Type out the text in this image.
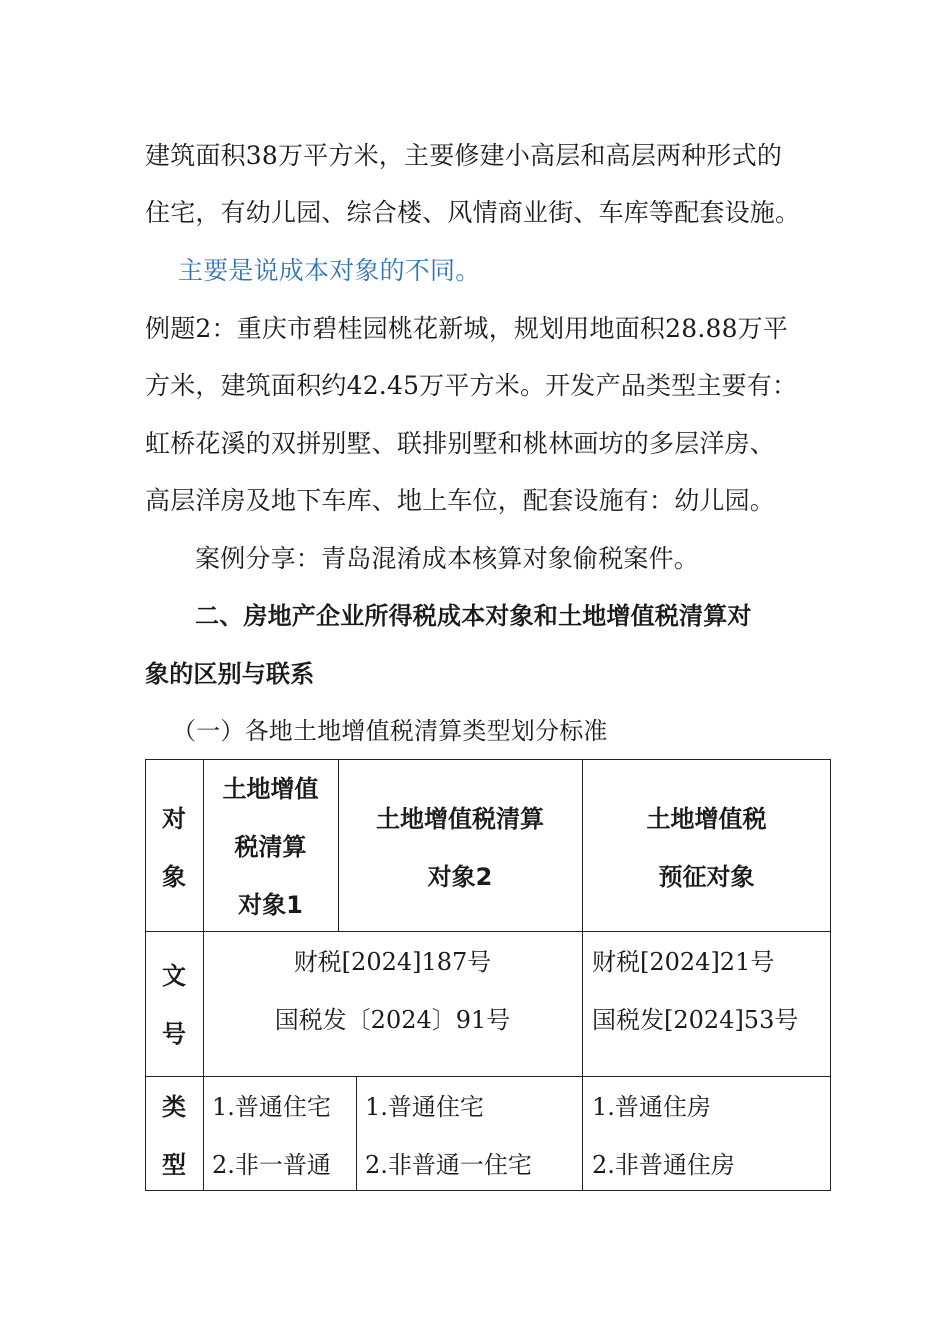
建筑面积38万平方米，主要修建小高层和高层两种形式的

住宅，有幼儿园、综合楼、风情商业街、车库等配套设施。

主要是说成本对象的不同。

例题2：重庆市碧桂园桃花新城，规划用地面积28.88万平

方米，建筑面积约42.45万平方米。开发产品类型主要有：

虹桥花溪的双拼别墅、联排别墅和桃林画坊的多层洋房、

高层洋房及地下车库、地上车位，配套设施有：幼儿园。

案例分享：青岛混淆成本核算对象偷税案件。

二、房地产企业所得税成本对象和土地增值税清算对

象的区别与联系

（一）各地土地增值税清算类型划分标准

对
象
土地增值
税清算
对象1
土地增值税清算
对象2
土地增值税
预征对象
文
号
财税[2024]187号
国税发〔2024〕91号
财税[2024]21号
国税发[2024]53号
类
型
1.普通住宅
2.非一普通
1.普通住宅
2.非普通一住宅
1.普通住房
2.非普通住房
